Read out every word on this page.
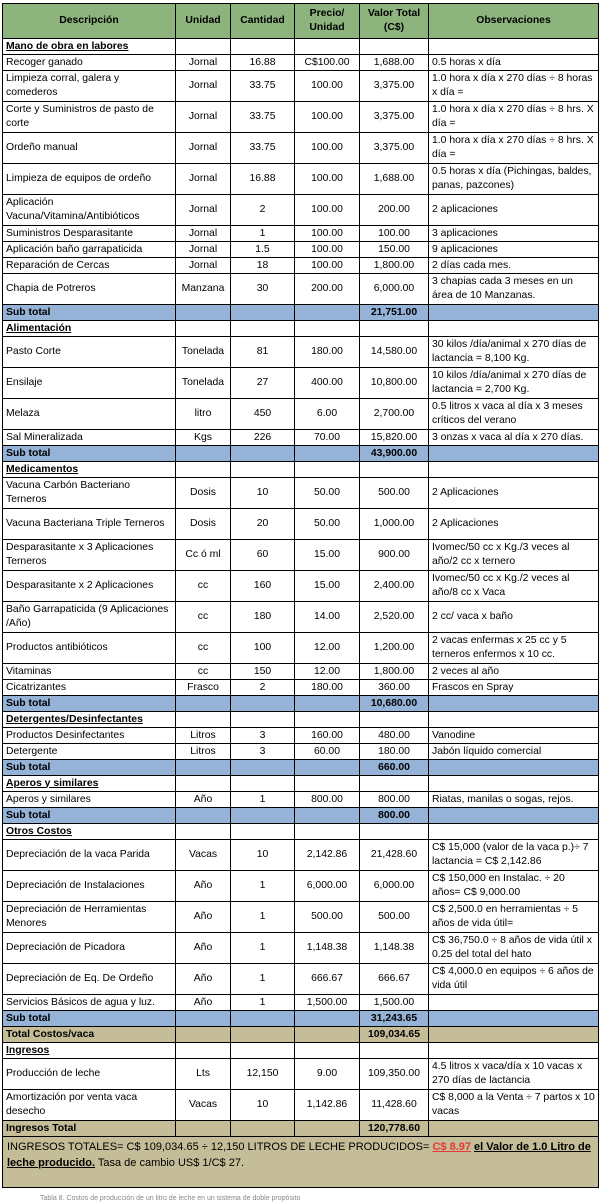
Descripción	Unidad	Cantidad	Precio/ Unidad	Valor Total (C$)	Observaciones
Mano de obra en labores					
Recoger ganado	Jornal	16.88	C$100.00	1,688.00	0.5 horas x día
Limpieza corral, galera y comederos	Jornal	33.75	100.00	3,375.00	1.0 hora x día x 270 días ÷ 8 horas x día =
Corte y Suministros de pasto de corte	Jornal	33.75	100.00	3,375.00	1.0 hora x día x 270 días ÷ 8 hrs. X día =
Ordeño manual	Jornal	33.75	100.00	3,375.00	1.0 hora x día x 270 días ÷ 8 hrs. X día =
Limpieza de equipos de ordeño	Jornal	16.88	100.00	1,688.00	0.5 horas x día (Pichingas, baldes, panas, pazcones)
Aplicación Vacuna/Vitamina/Antibióticos	Jornal	2	100.00	200.00	2 aplicaciones
Suministros Desparasitante	Jornal	1	100.00	100.00	3 aplicaciones
Aplicación baño garrapaticida	Jornal	1.5	100.00	150.00	9 aplicaciones
Reparación de Cercas	Jornal	18	100.00	1,800.00	2 días cada mes.
Chapia de Potreros	Manzana	30	200.00	6,000.00	3 chapias cada 3 meses en un área de 10 Manzanas.
Sub total				21,751.00	
Alimentación					
Pasto Corte	Tonelada	81	180.00	14,580.00	30 kilos /día/animal x 270 días de lactancia = 8,100 Kg.
Ensilaje	Tonelada	27	400.00	10,800.00	10 kilos /día/animal x 270 días de lactancia = 2,700 Kg.
Melaza	litro	450	6.00	2,700.00	0.5 litros x vaca al día x 3 meses críticos del verano
Sal Mineralizada	Kgs	226	70.00	15,820.00	3 onzas x vaca al día x 270 días.
Sub total				43,900.00	
Medicamentos					
Vacuna Carbón Bacteriano Terneros	Dosis	10	50.00	500.00	2 Aplicaciones
Vacuna Bacteriana Triple Terneros	Dosis	20	50.00	1,000.00	2 Aplicaciones
Desparasitante x 3 Aplicaciones Terneros	Cc ó ml	60	15.00	900.00	Ivomec/50 cc x Kg./3 veces al año/2 cc x ternero
Desparasitante x 2 Aplicaciones	cc	160	15.00	2,400.00	Ivomec/50 cc x Kg./2 veces al año/8 cc x Vaca
Baño Garrapaticida (9 Aplicaciones /Año)	cc	180	14.00	2,520.00	2 cc/ vaca x baño
Productos antibióticos	cc	100	12.00	1,200.00	2 vacas enfermas x 25 cc y 5 terneros enfermos x 10 cc.
Vitaminas	cc	150	12.00	1,800.00	2 veces al año
Cicatrizantes	Frasco	2	180.00	360.00	Frascos en Spray
Sub total				10,680.00	
Detergentes/Desinfectantes					
Productos Desinfectantes	Litros	3	160.00	480.00	Vanodine
Detergente	Litros	3	60.00	180.00	Jabón líquido comercial
Sub total				660.00	
Aperos y similares					
Aperos y similares	Año	1	800.00	800.00	Riatas, manilas o sogas, rejos.
Sub total				800.00	
Otros Costos					
Depreciación de la vaca Parida	Vacas	10	2,142.86	21,428.60	C$ 15,000 (valor de la vaca p.)÷ 7 lactancia = C$ 2,142.86
Depreciación de Instalaciones	Año	1	6,000.00	6,000.00	C$ 150,000 en Instalac. ÷ 20 años= C$ 9,000.00
Depreciación de Herramientas Menores	Año	1	500.00	500.00	C$ 2,500.0 en herramientas ÷ 5 años de vida útil=
Depreciación de Picadora	Año	1	1,148.38	1,148.38	C$ 36,750.0 ÷ 8 años de vida útil x 0.25 del total del hato
Depreciación de Eq. De Ordeño	Año	1	666.67	666.67	C$ 4,000.0 en equipos ÷ 6 años de vida útil
Servicios Básicos de agua y luz.	Año	1	1,500.00	1,500.00	
Sub total				31,243.65	
Total Costos/vaca				109,034.65	
Ingresos					
Producción de leche	Lts	12,150	9.00	109,350.00	4.5 litros x vaca/día x 10 vacas x 270 días de lactancia
Amortización por venta vaca desecho	Vacas	10	1,142.86	11,428.60	C$ 8,000 a la Venta ÷ 7 partos x 10 vacas
Ingresos Total				120,778.60	
INGRESOS TOTALES= C$ 109,034.65 ÷ 12,150 LITROS DE LECHE PRODUCIDOS= C$ 8.97 el Valor de 1.0 Litro de leche producido. Tasa de cambio US$ 1/C$ 27.					
Tabla 8. Costos de producción de un litro de leche en un sistema de doble propósito
